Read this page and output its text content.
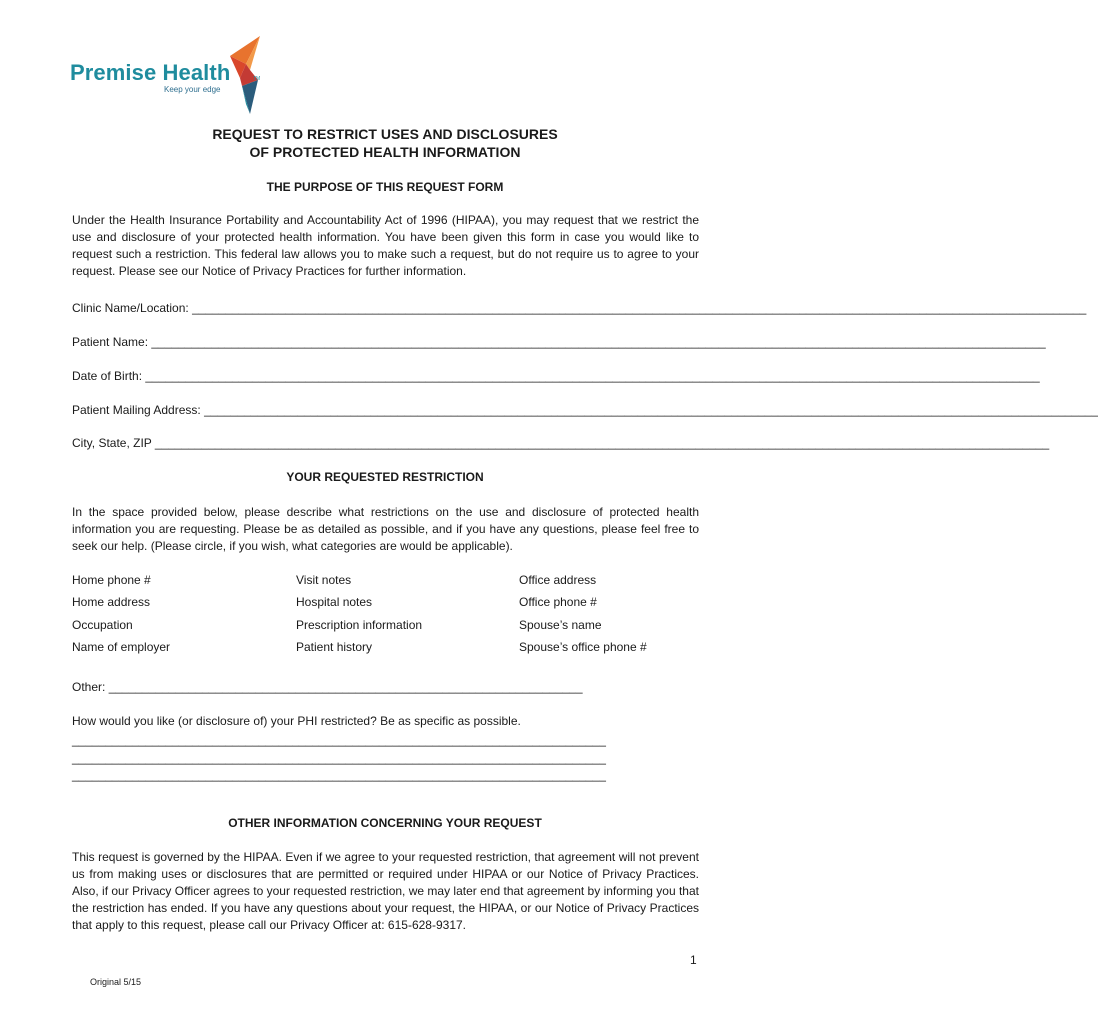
Premise Health	TM
Keep your edge
REQUEST TO RESTRICT USES AND DISCLOSURES
OF PROTECTED HEALTH INFORMATION
THE PURPOSE OF THIS REQUEST FORM

Under the Health Insurance Portability and Accountability Act of 1996 (HIPAA), you may request that we restrict the use and disclosure of your protected health information. You have been given this form in case you would like to request such a restriction. This federal law allows you to make such a request, but do not require us to agree to your request. Please see our Notice of Privacy Practices for further information.

Clinic Name/Location: ______________________________________________________________________________________________________________________________________
Patient Name: ______________________________________________________________________________________________________________________________________
Date of Birth: ______________________________________________________________________________________________________________________________________
Patient Mailing Address: ______________________________________________________________________________________________________________________________________
City, State, ZIP ______________________________________________________________________________________________________________________________________
YOUR REQUESTED RESTRICTION

In the space provided below, please describe what restrictions on the use and disclosure of protected health information you are requesting. Please be as detailed as possible, and if you have any questions, please feel free to seek our help. (Please circle, if you wish, what categories are would be applicable).

Home phone #
Home address
Occupation
Name of employer
Visit notes
Hospital notes
Prescription information
Patient history
Office address
Office phone #
Spouse’s name
Spouse’s office phone #
Other: _______________________________________________________________________
How would you like (or disclosure of) your PHI restricted? Be as specific as possible.
________________________________________________________________________________
________________________________________________________________________________
________________________________________________________________________________
OTHER INFORMATION CONCERNING YOUR REQUEST

This request is governed by the HIPAA. Even if we agree to your requested restriction, that agreement will not prevent us from making uses or disclosures that are permitted or required under HIPAA or our Notice of Privacy Practices. Also, if our Privacy Officer agrees to your requested restriction, we may later end that agreement by informing you that the restriction has ended. If you have any questions about your request, the HIPAA, or our Notice of Privacy Practices that apply to this request, please call our Privacy Officer at: 615-628-9317.

1
Original 5/15
